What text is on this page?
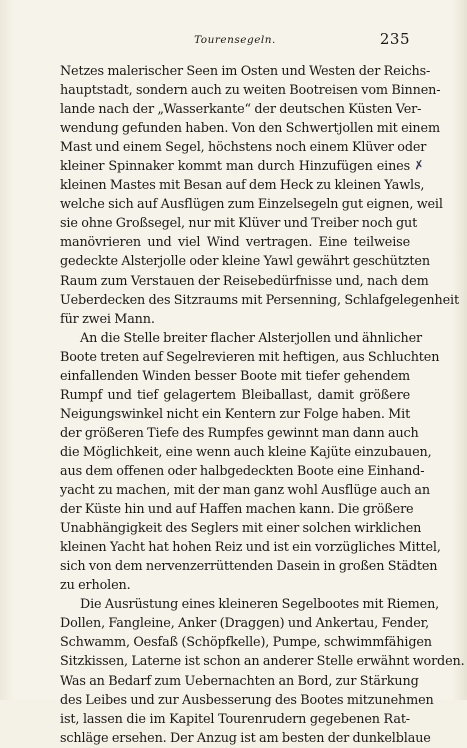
Tourensegeln.	235
Netzes malerischer Seen im Osten und Westen der Reichs-
hauptstadt, sondern auch zu weiten Bootreisen vom Binnen-
lande nach der „Wasserkante“ der deutschen Küsten Ver-
wendung gefunden haben. Von den Schwertjollen mit einem
Mast und einem Segel, höchstens noch einem Klüver oder
kleiner Spinnaker kommt man durch Hinzufügen eines
kleinen Mastes mit Besan auf dem Heck zu kleinen Yawls,
welche sich auf Ausflügen zum Einzelsegeln gut eignen, weil
sie ohne Großsegel, nur mit Klüver und Treiber noch gut
manövrieren und viel Wind vertragen. Eine teilweise
gedeckte Alsterjolle oder kleine Yawl gewährt geschützten
Raum zum Verstauen der Reisebedürfnisse und, nach dem
Ueberdecken des Sitzraums mit Persenning, Schlafgelegenheit
für zwei Mann.
An die Stelle breiter flacher Alsterjollen und ähnlicher
Boote treten auf Segelrevieren mit heftigen, aus Schluchten
einfallenden Winden besser Boote mit tiefer gehendem
Rumpf und tief gelagertem Bleiballast, damit größere
Neigungswinkel nicht ein Kentern zur Folge haben. Mit
der größeren Tiefe des Rumpfes gewinnt man dann auch
die Möglichkeit, eine wenn auch kleine Kajüte einzubauen,
aus dem offenen oder halbgedeckten Boote eine Einhand-
yacht zu machen, mit der man ganz wohl Ausflüge auch an
der Küste hin und auf Haffen machen kann. Die größere
Unabhängigkeit des Seglers mit einer solchen wirklichen
kleinen Yacht hat hohen Reiz und ist ein vorzügliches Mittel,
sich von dem nervenzerrüttenden Dasein in großen Städten
zu erholen.
Die Ausrüstung eines kleineren Segelbootes mit Riemen,
Dollen, Fangleine, Anker (Draggen) und Ankertau, Fender,
Schwamm, Oesfaß (Schöpfkelle), Pumpe, schwimmfähigen
Sitzkissen, Laterne ist schon an anderer Stelle erwähnt worden.
Was an Bedarf zum Uebernachten an Bord, zur Stärkung
des Leibes und zur Ausbesserung des Bootes mitzunehmen
ist, lassen die im Kapitel Tourenrudern gegebenen Rat-
schläge ersehen. Der Anzug ist am besten der dunkelblaue
✗
